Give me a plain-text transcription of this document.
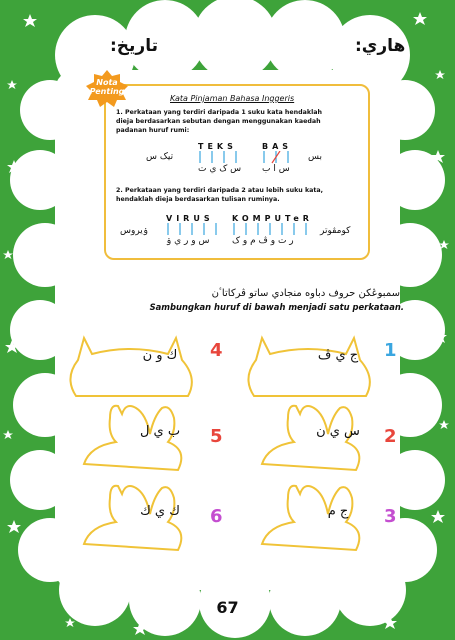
تاريخ:	هاري:
Nota
Penting
Kata Pinjaman Bahasa Inggeris
1. Perkataan yang terdiri daripada 1 suku kata hendaklah
dieja berdasarkan sebutan dengan menggunakan kaedah
padanan huruf rumi:
TEKS
س ک ي ت
تيک س
BAS
س ا ب
بس
2. Perkataan yang terdiri daripada 2 atau lebih suku kata,
hendaklah dieja berdasarkan tulisan ruminya.
VIRUS
س و ر ي ۏ
ۏيروس
KOMPUTeR
ر ت و ڤ م و ک
کومڤوتر
سمبوڠکن حروف دباوه منجادي ساتو ڤرکاتاٴن
Sambungkan huruf di bawah menjadi satu perkataan.
ك و ن	4	ج ي ڤ	1
ب ي ل	5	س ي ن	2
ك ي ك	6	ج م	3
67
